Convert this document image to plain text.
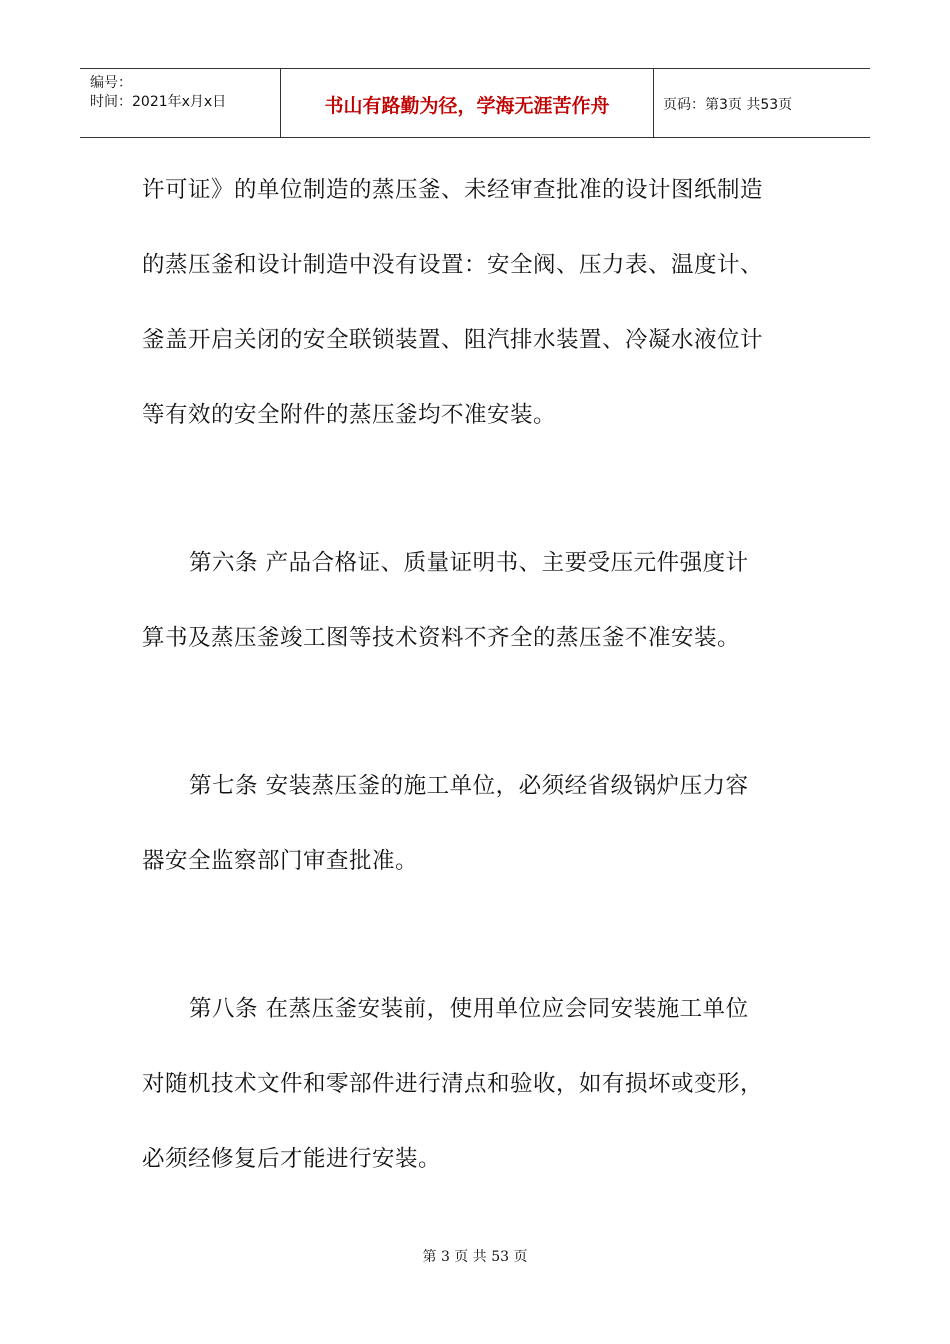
编号：
时间：2021年x月x日	书山有路勤为径，学海无涯苦作舟	页码：第3页 共53页
许可证》的单位制造的蒸压釜、未经审查批准的设计图纸制造
的蒸压釜和设计制造中没有设置：安全阀、压力表、温度计、
釜盖开启关闭的安全联锁装置、阻汽排水装置、冷凝水液位计
等有效的安全附件的蒸压釜均不准安装。
第六条 产品合格证、质量证明书、主要受压元件强度计
算书及蒸压釜竣工图等技术资料不齐全的蒸压釜不准安装。
第七条 安装蒸压釜的施工单位，必须经省级锅炉压力容
器安全监察部门审查批准。
第八条 在蒸压釜安装前，使用单位应会同安装施工单位
对随机技术文件和零部件进行清点和验收，如有损坏或变形，
必须经修复后才能进行安装。
第 3 页 共 53 页
